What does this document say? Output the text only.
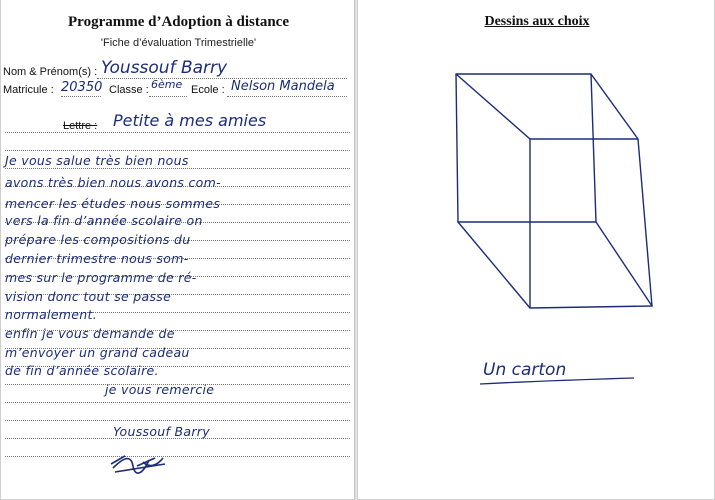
Programme d’Adoption à distance
'Fiche d’évaluation Trimestrielle'
Nom & Prénom(s) : Youssouf Barry
Matricule : 20350 Classe : 6ème Ecole : Nelson Mandela
Lettre : Petite à mes amies
Je vous salue très bien nous
avons très bien nous avons com-
mencer les études nous sommes
vers la fin d’année scolaire on
prépare les compositions du
dernier trimestre nous som-
mes sur le programme de ré-
vision donc tout se passe
normalement.
enfin je vous demande de
m’envoyer un grand cadeau
de fin d’année scolaire.
je vous remercie
Youssouf Barry
Dessins aux choix
Un carton
